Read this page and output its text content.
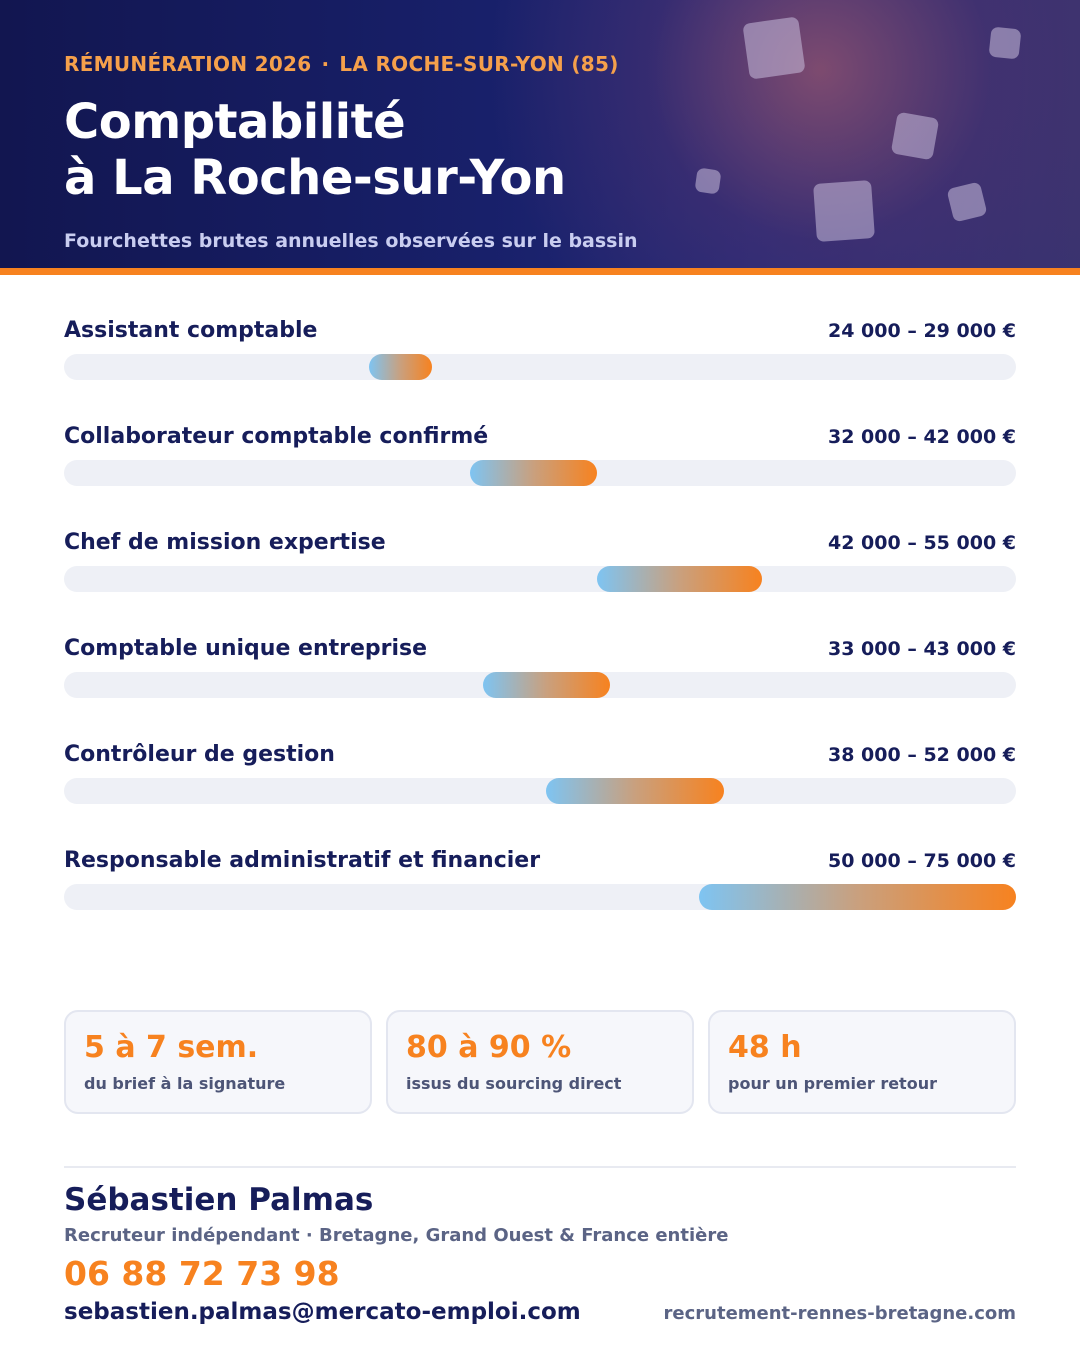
RÉMUNÉRATION 2026 · LA ROCHE-SUR-YON (85)
Comptabilité
à La Roche-sur-Yon
Fourchettes brutes annuelles observées sur le bassin
Assistant comptable	24 000 – 29 000 €
Collaborateur comptable confirmé	32 000 – 42 000 €
Chef de mission expertise	42 000 – 55 000 €
Comptable unique entreprise	33 000 – 43 000 €
Contrôleur de gestion	38 000 – 52 000 €
Responsable administratif et financier	50 000 – 75 000 €
5 à 7 sem.
du brief à la signature
80 à 90 %
issus du sourcing direct
48 h
pour un premier retour
Sébastien Palmas
Recruteur indépendant · Bretagne, Grand Ouest & France entière
06 88 72 73 98
sebastien.palmas@mercato-emploi.com	recrutement-rennes-bretagne.com
